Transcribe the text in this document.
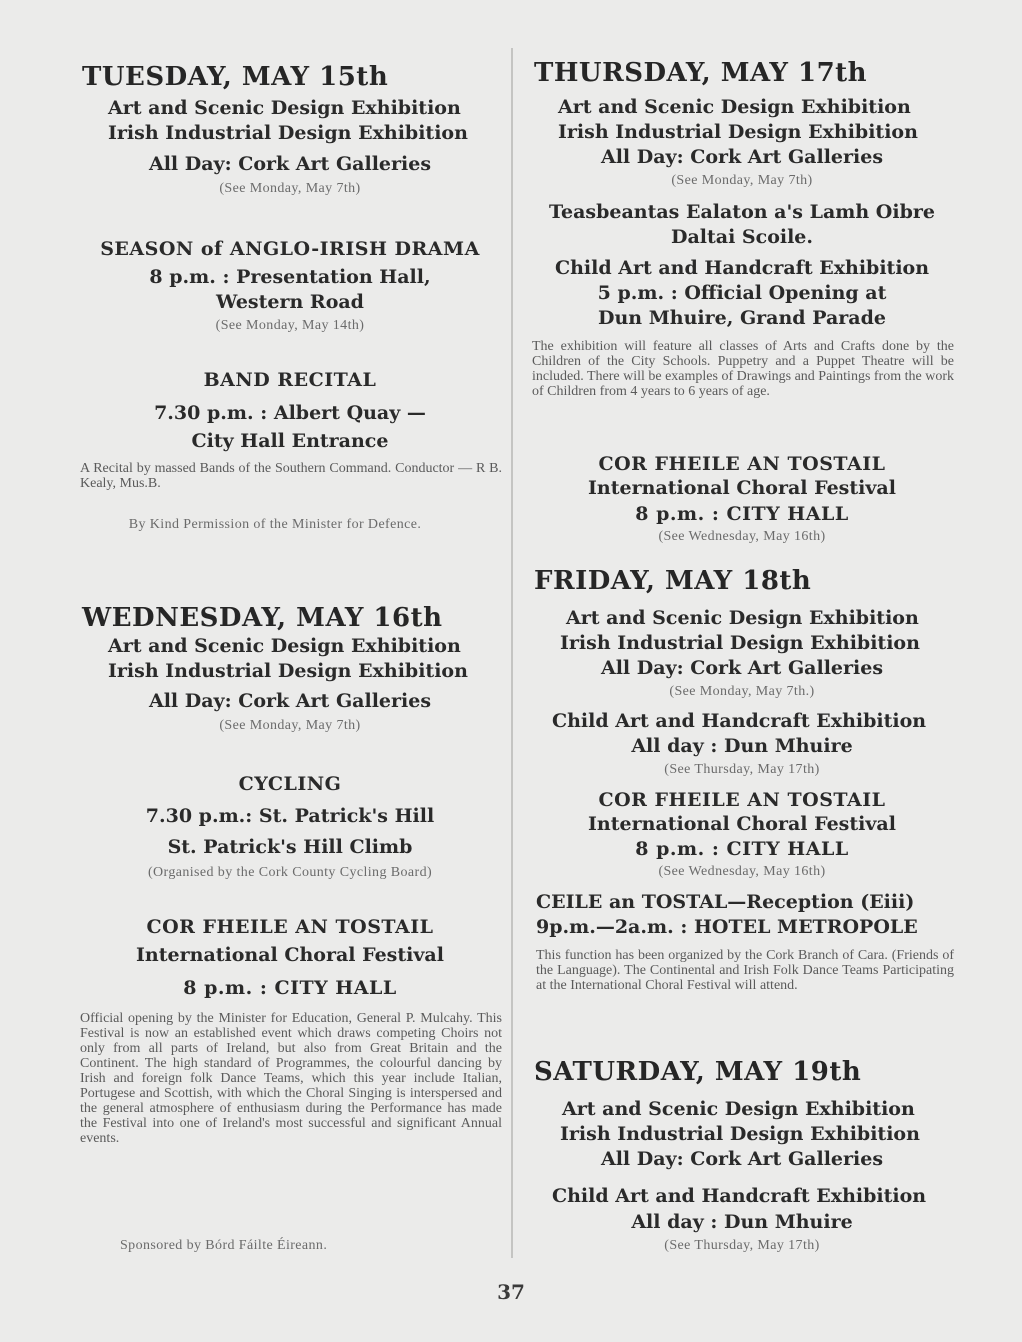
TUESDAY, MAY 15th
Art and Scenic Design Exhibition
Irish Industrial Design Exhibition
All Day: Cork Art Galleries
(See Monday, May 7th)
SEASON of ANGLO-IRISH DRAMA
8 p.m. : Presentation Hall,
Western Road
(See Monday, May 14th)
BAND RECITAL
7.30 p.m. : Albert Quay —
City Hall Entrance
A Recital by massed Bands of the Southern Command. Conductor — R B. Kealy, Mus.B.
By Kind Permission of the Minister for Defence.
WEDNESDAY, MAY 16th
Art and Scenic Design Exhibition
Irish Industrial Design Exhibition
All Day: Cork Art Galleries
(See Monday, May 7th)
CYCLING
7.30 p.m.: St. Patrick's Hill
St. Patrick's Hill Climb
(Organised by the Cork County Cycling Board)
COR FHEILE AN TOSTAIL
International Choral Festival
8 p.m. : CITY HALL
Official opening by the Minister for Education, General P. Mulcahy. This Festival is now an established event which draws competing Choirs not only from all parts of Ireland, but also from Great Britain and the Continent. The high standard of Programmes, the colourful dancing by Irish and foreign folk Dance Teams, which this year include Italian, Portugese and Scottish, with which the Choral Singing is interspersed and the general atmosphere of enthusiasm during the Performance has made the Festival into one of Ireland's most successful and significant Annual events.
Sponsored by Bórd Fáilte Éireann.
THURSDAY, MAY 17th
Art and Scenic Design Exhibition
Irish Industrial Design Exhibition
All Day: Cork Art Galleries
(See Monday, May 7th)
Teasbeantas Ealaton a's Lamh Oibre
Daltai Scoile.
Child Art and Handcraft Exhibition
5 p.m. : Official Opening at
Dun Mhuire, Grand Parade
The exhibition will feature all classes of Arts and Crafts done by the Children of the City Schools. Puppetry and a Puppet Theatre will be included. There will be examples of Drawings and Paintings from the work of Children from 4 years to 6 years of age.
COR FHEILE AN TOSTAIL
International Choral Festival
8 p.m. : CITY HALL
(See Wednesday, May 16th)
FRIDAY, MAY 18th
Art and Scenic Design Exhibition
Irish Industrial Design Exhibition
All Day: Cork Art Galleries
(See Monday, May 7th.)
Child Art and Handcraft Exhibition
All day : Dun Mhuire
(See Thursday, May 17th)
COR FHEILE AN TOSTAIL
International Choral Festival
8 p.m. : CITY HALL
(See Wednesday, May 16th)
CEILE an TOSTAL—Reception (Eiii)
9p.m.—2a.m. : HOTEL METROPOLE
This function has been organized by the Cork Branch of Cara. (Friends of the Language). The Continental and Irish Folk Dance Teams Participating at the International Choral Festival will attend.
SATURDAY, MAY 19th
Art and Scenic Design Exhibition
Irish Industrial Design Exhibition
All Day: Cork Art Galleries
Child Art and Handcraft Exhibition
All day : Dun Mhuire
(See Thursday, May 17th)
37
